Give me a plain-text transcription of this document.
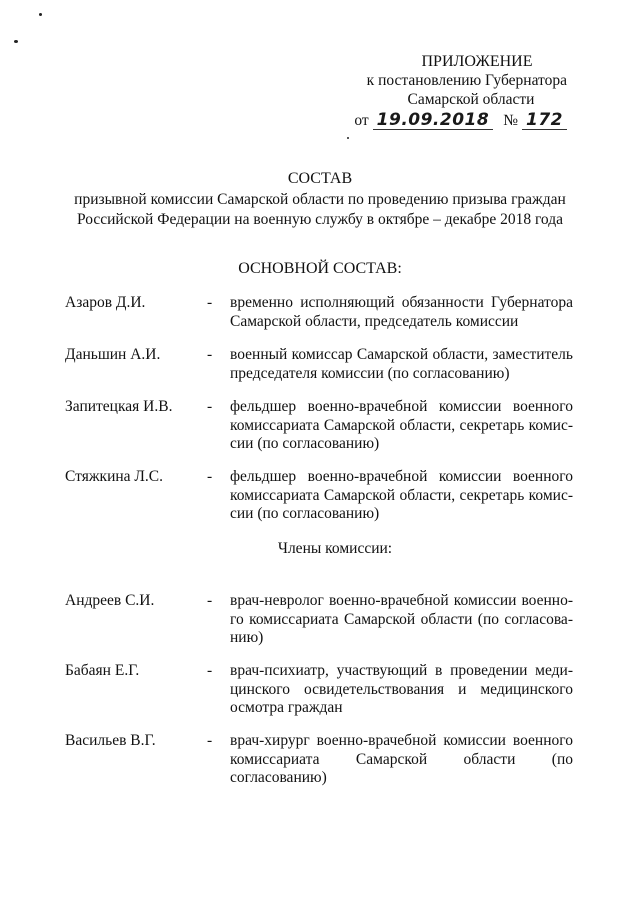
ПРИЛОЖЕНИЕ
к постановлению Губернатора
Самарской области
от 19.09.2018 № 172
СОСТАВ
призывной комиссии Самарской области по проведению призыва граждан Российской Федерации на военную службу в октябре – декабре 2018 года
ОСНОВНОЙ СОСТАВ:
Азаров Д.И.	-	временно исполняющий обязанности Губернатора Самарской области, председатель комиссии
Даньшин А.И.	-	военный комиссар Самарской области, заместитель председателя комиссии (по согласованию)
Запитецкая И.В.	-	фельдшер военно-врачебной комиссии военного комиссариата Самарской области, секретарь комиссии (по согласованию)
Стяжкина Л.С.	-	фельдшер военно-врачебной комиссии военного комиссариата Самарской области, секретарь комиссии (по согласованию)
Члены комиссии:
Андреев С.И.	-	врач-невролог военно-врачебной комиссии военного комиссариата Самарской области (по согласованию)
Бабаян Е.Г.	-	врач-психиатр, участвующий в проведении медицинского освидетельствования и медицинского осмотра граждан
Васильев В.Г.	-	врач-хирург военно-врачебной комиссии военного комиссариата Самарской области (по согласованию)
